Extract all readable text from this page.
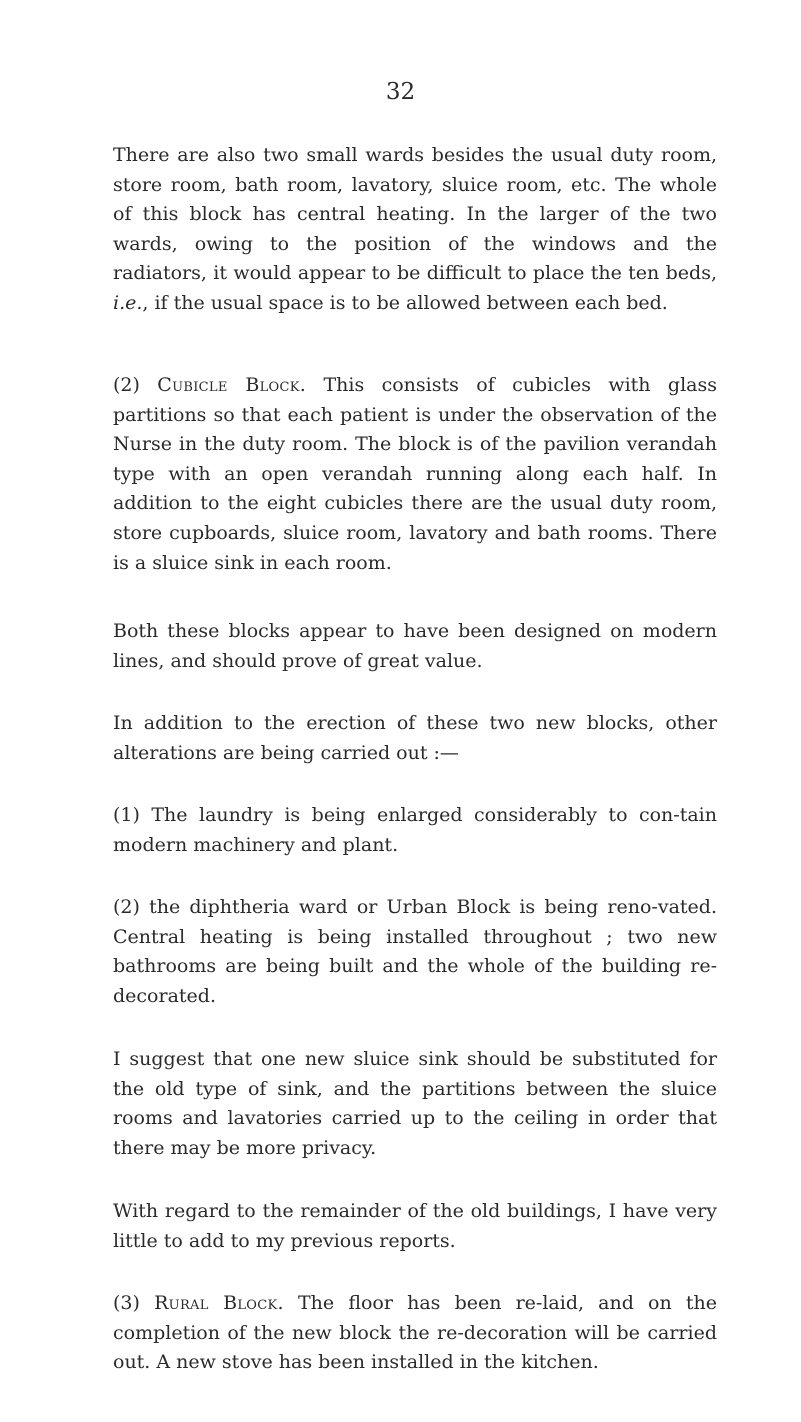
32

There are also two small wards besides the usual duty room, store room, bath room, lavatory, sluice room, etc. The whole of this block has central heating. In the larger of the two wards, owing to the position of the windows and the radiators, it would appear to be difficult to place the ten beds, i.e., if the usual space is to be allowed between each bed.

(2) Cubicle Block. This consists of cubicles with glass partitions so that each patient is under the observation of the Nurse in the duty room. The block is of the pavilion verandah type with an open verandah running along each half. In addition to the eight cubicles there are the usual duty room, store cupboards, sluice room, lavatory and bath rooms. There is a sluice sink in each room.

Both these blocks appear to have been designed on modern lines, and should prove of great value.

In addition to the erection of these two new blocks, other alterations are being carried out :—

(1) The laundry is being enlarged considerably to con-tain modern machinery and plant.

(2) the diphtheria ward or Urban Block is being reno-vated. Central heating is being installed throughout ; two new bathrooms are being built and the whole of the building re-decorated.

I suggest that one new sluice sink should be substituted for the old type of sink, and the partitions between the sluice rooms and lavatories carried up to the ceiling in order that there may be more privacy.

With regard to the remainder of the old buildings, I have very little to add to my previous reports.

(3) Rural Block. The floor has been re-laid, and on the completion of the new block the re-decoration will be carried out. A new stove has been installed in the kitchen.
